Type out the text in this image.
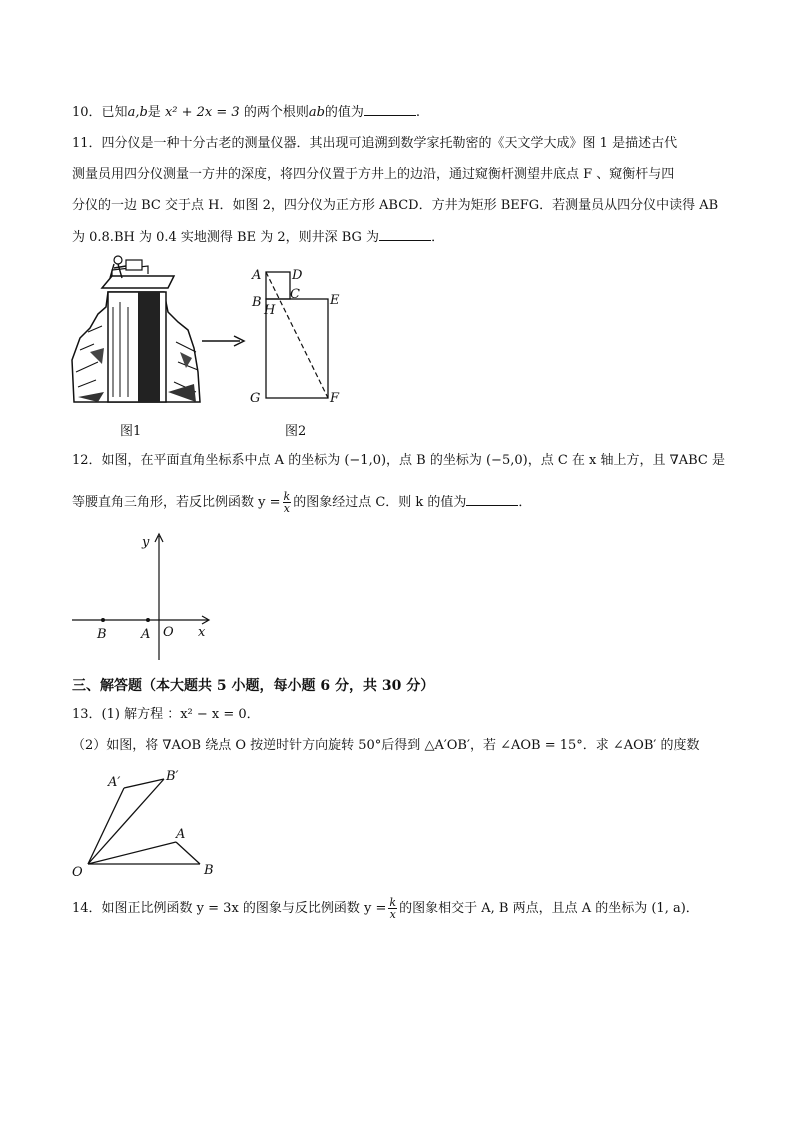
10．已知a,b是 x² + 2x = 3 的两个根则ab的值为	.
11．四分仪是一种十分古老的测量仪器．其出现可追溯到数学家托勒密的《天文学大成》图 1 是描述古代
测量员用四分仪测量一方井的深度，将四分仪置于方井上的边沿，通过窥衡杆测望井底点 F 、窥衡杆与四
分仪的一边 BC 交于点 H．如图 2，四分仪为正方形 ABCD．方井为矩形 BEFG．若测量员从四分仪中读得 AB
为 0.8.BH 为 0.4 实地测得 BE 为 2，则井深 BG 为	．
A D
B
C
H
E
G	F
图1	图2
12．如图，在平面直角坐标系中点 A 的坐标为 (−1,0)，点 B 的坐标为 (−5,0)，点 C 在 x 轴上方，且 ∇ABC 是
等腰直角三角形，若反比例函数 $y = \frac{k}{x}$ 的图象经过点 C．则 k 的值为	．
y
x
B	A O
三、解答题（本大题共 5 小题，每小题 6 分，共 30 分）
13．(1) 解方程 ：x² − x = 0．
（2）如图，将 ∇AOB 绕点 O 按逆时针方向旋转 50°后得到 △A′OB′，若 ∠AOB = 15°．求 ∠AOB′ 的度数
A′	B′
A
O	B
14．如图正比例函数 y = 3x 的图象与反比例函数 $y = \frac{k}{x}$ 的图象相交于 A, B 两点，且点 A 的坐标为 (1, a)．
